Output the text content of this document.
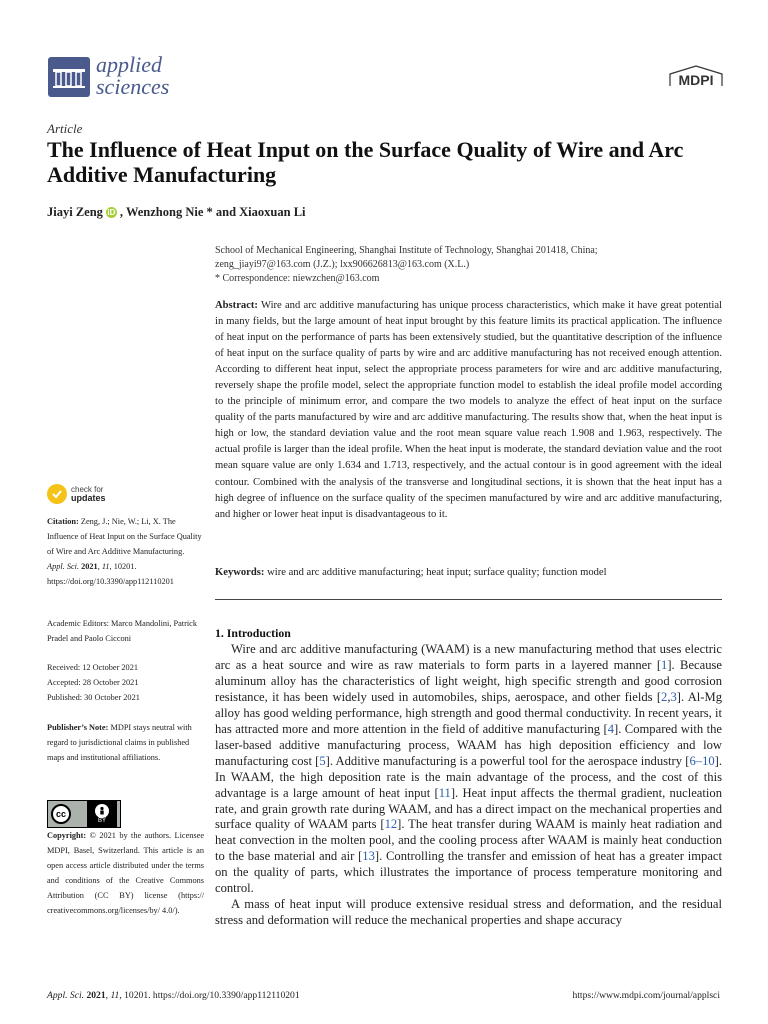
applied
sciences	MDPI
Article
The Influence of Heat Input on the Surface Quality of Wire and Arc Additive Manufacturing
Jiayi Zeng iD , Wenzhong Nie * and Xiaoxuan Li
School of Mechanical Engineering, Shanghai Institute of Technology, Shanghai 201418, China;
zeng_jiayi97@163.com (J.Z.); lxx906626813@163.com (X.L.)
* Correspondence: niewzchen@163.com
Abstract: Wire and arc additive manufacturing has unique process characteristics, which make it have great potential in many fields, but the large amount of heat input brought by this feature limits its practical application. The influence of heat input on the performance of parts has been extensively studied, but the quantitative description of the influence of heat input on the surface quality of parts by wire and arc additive manufacturing has not received enough attention. According to different heat input, select the appropriate process parameters for wire and arc additive manufacturing, reversely shape the profile model, select the appropriate function model to establish the ideal profile model according to the principle of minimum error, and compare the two models to analyze the effect of heat input on the surface quality of the parts manufactured by wire and arc additive manufacturing. The results show that, when the heat input is high or low, the standard deviation value and the root mean square value reach 1.908 and 1.963, respectively. The actual profile is larger than the ideal profile. When the heat input is moderate, the standard deviation value and the root mean square value are only 1.634 and 1.713, respectively, and the actual contour is in good agreement with the ideal contour. Combined with the analysis of the transverse and longitudinal sections, it is shown that the heat input has a high degree of influence on the surface quality of the specimen manufactured by wire and arc additive manufacturing, and higher or lower heat input is disadvantageous to it.
Keywords: wire and arc additive manufacturing; heat input; surface quality; function model
check for
updates
Citation: Zeng, J.; Nie, W.; Li, X. The Influence of Heat Input on the Surface Quality of Wire and Arc Additive Manufacturing. Appl. Sci. 2021, 11, 10201. https://doi.org/10.3390/app112110201
Academic Editors: Marco Mandolini, Patrick Pradel and Paolo Cicconi
Received: 12 October 2021
Accepted: 28 October 2021
Published: 30 October 2021
Publisher’s Note: MDPI stays neutral with regard to jurisdictional claims in published maps and institutional affiliations.
cc
BY
Copyright: © 2021 by the authors. Licensee MDPI, Basel, Switzerland. This article is an open access article distributed under the terms and conditions of the Creative Commons Attribution (CC BY) license (https:// creativecommons.org/licenses/by/ 4.0/).
1. Introduction

Wire and arc additive manufacturing (WAAM) is a new manufacturing method that uses electric arc as a heat source and wire as raw materials to form parts in a layered manner [1]. Because aluminum alloy has the characteristics of light weight, high specific strength and good corrosion resistance, it has been widely used in automobiles, ships, aerospace, and other fields [2,3]. Al-Mg alloy has good welding performance, high strength and good thermal conductivity. In recent years, it has attracted more and more attention in the field of additive manufacturing [4]. Compared with the laser-based additive manufacturing process, WAAM has high deposition efficiency and low manufacturing cost [5]. Additive manufacturing is a powerful tool for the aerospace industry [6–10]. In WAAM, the high deposition rate is the main advantage of the process, and the cost of this advantage is a large amount of heat input [11]. Heat input affects the thermal gradient, nucleation rate, and grain growth rate during WAAM, and has a direct impact on the mechanical properties and surface quality of WAAM parts [12]. The heat transfer during WAAM is mainly heat radiation and heat convection in the molten pool, and the cooling process after WAAM is mainly heat conduction to the base material and air [13]. Controlling the transfer and emission of heat has a greater impact on the quality of parts, which illustrates the importance of process temperature monitoring and control.

A mass of heat input will produce extensive residual stress and deformation, and the residual stress and deformation will reduce the mechanical properties and shape accuracy

Appl. Sci. 2021, 11, 10201. https://doi.org/10.3390/app112110201	https://www.mdpi.com/journal/applsci
